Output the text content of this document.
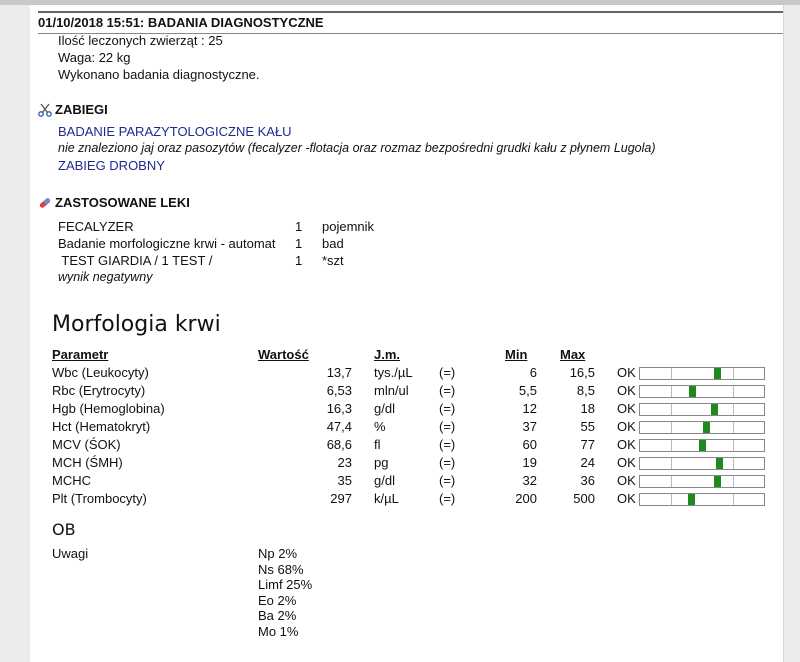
01/10/2018 15:51: BADANIA DIAGNOSTYCZNE
Ilość leczonych zwierząt : 25
Waga: 22 kg
Wykonano badania diagnostyczne.
ZABIEGI
BADANIE PARAZYTOLOGICZNE KAŁU
nie znaleziono jaj oraz pasozytów (fecalyzer -flotacja oraz rozmaz bezpośredni grudki kału z płynem Lugola)
ZABIEG DROBNY
ZASTOSOWANE LEKI
FECALYZER	1 pojemnik
Badanie morfologiczne krwi - automat 1 bad
TEST GIARDIA / 1 TEST /	1 *szt
wynik negatywny
Morfologia krwi
Parametr	Wartość	J.m.	Min	Max
Wbc (Leukocyty)	13,7 tys./µL (=)	6	16,5 OK
Rbc (Erytrocyty)	6,53 mln/ul (=)	5,5	8,5 OK
Hgb (Hemoglobina)	16,3 g/dl	(=)	12	18 OK
Hct (Hematokryt)	47,4 %	(=)	37	55 OK
MCV (ŚOK)	68,6 fl	(=)	60	77 OK
MCH (ŚMH)	23 pg	(=)	19	24 OK
MCHC	35 g/dl	(=)	32	36 OK
Plt (Trombocyty)	297 k/µL	(=)	200	500 OK
OB
Uwagi	Np 2%
Ns 68%
Limf 25%
Eo 2%
Ba 2%
Mo 1%
